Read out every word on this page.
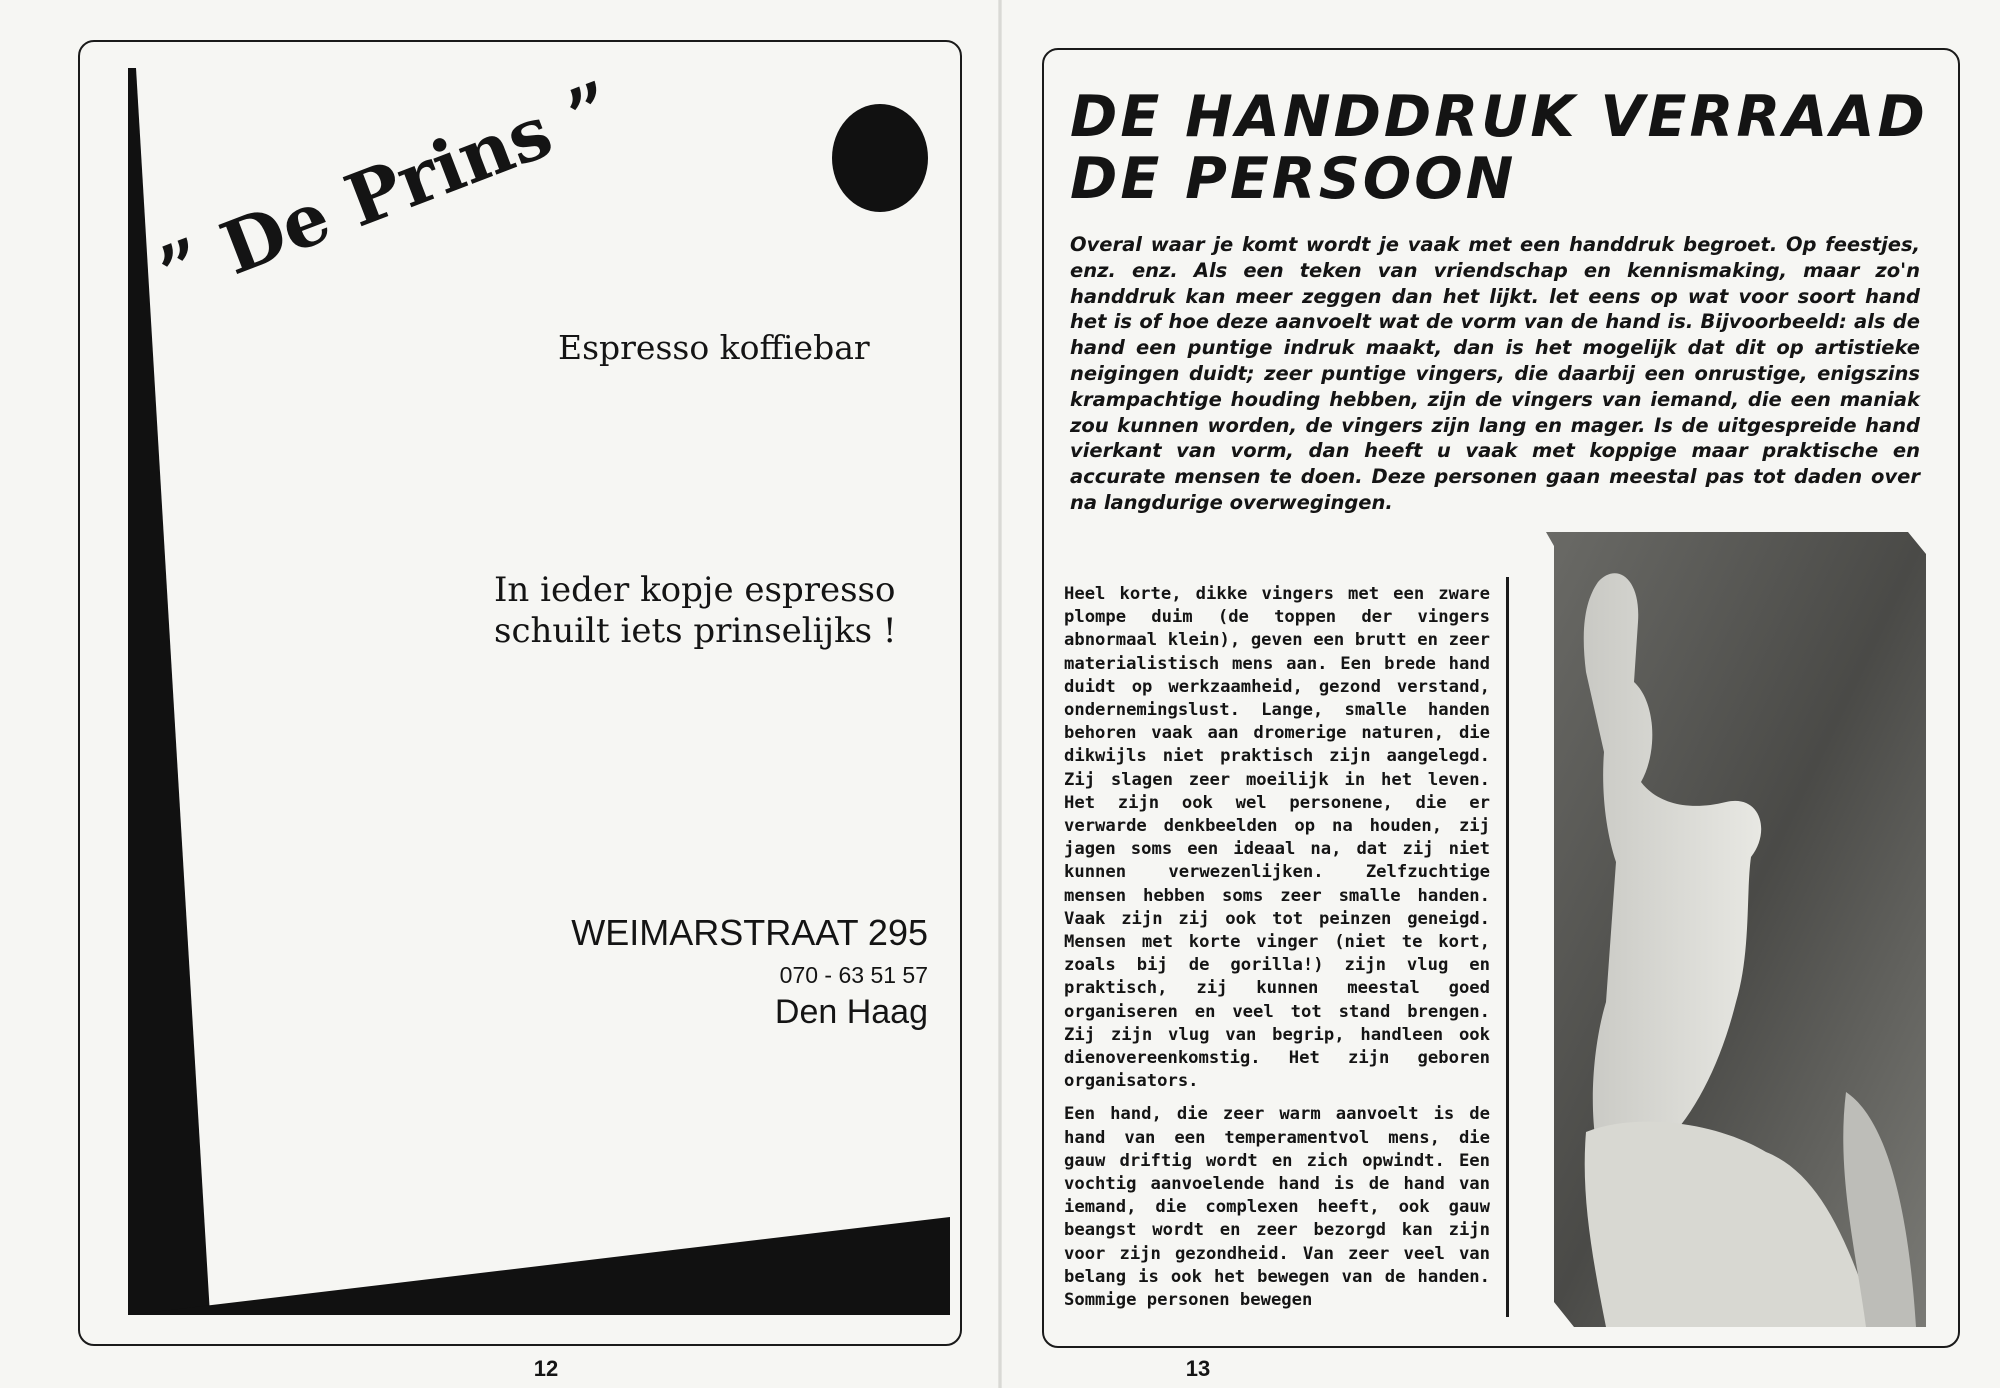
” De Prins ”
Espresso koffiebar
In ieder kopje espresso
schuilt iets prinselijks !
WEIMARSTRAAT 295
070 - 63 51 57
Den Haag
12
DE HANDDRUK VERRAAD
DE PERSOON

Overal waar je komt wordt je vaak met een handdruk begroet. Op feestjes, enz. enz. Als een teken van vriendschap en kennismaking, maar zo'n handdruk kan meer zeggen dan het lijkt. let eens op wat voor soort hand het is of hoe deze aanvoelt wat de vorm van de hand is. Bijvoorbeeld: als de hand een puntige indruk maakt, dan is het mogelijk dat dit op artistieke neigingen duidt; zeer puntige vingers, die daarbij een onrustige, enigszins krampachtige houding hebben, zijn de vingers van iemand, die een maniak zou kunnen worden, de vingers zijn lang en mager. Is de uitgespreide hand vierkant van vorm, dan heeft u vaak met koppige maar praktische en accurate mensen te doen. Deze personen gaan meestal pas tot daden over na langdurige overwegingen.

Heel korte, dikke vingers met een zware plompe duim (de toppen der vingers abnormaal klein), geven een brutt en zeer materialistisch mens aan. Een brede hand duidt op werkzaamheid, gezond verstand, ondernemingslust. Lange, smalle handen behoren vaak aan dromerige naturen, die dikwijls niet praktisch zijn aangelegd. Zij slagen zeer moeilijk in het leven. Het zijn ook wel personene, die er verwarde denkbeelden op na houden, zij jagen soms een ideaal na, dat zij niet kunnen verwezenlijken. Zelfzuchtige mensen hebben soms zeer smalle handen. Vaak zijn zij ook tot peinzen geneigd. Mensen met korte vinger (niet te kort, zoals bij de gorilla!) zijn vlug en praktisch, zij kunnen meestal goed organiseren en veel tot stand brengen. Zij zijn vlug van begrip, handleen ook dienovereenkomstig. Het zijn geboren organisators.

Een hand, die zeer warm aanvoelt is de hand van een temperamentvol mens, die gauw driftig wordt en zich opwindt. Een vochtig aanvoelende hand is de hand van iemand, die complexen heeft, ook gauw beangst wordt en zeer bezorgd kan zijn voor zijn gezondheid. Van zeer veel van belang is ook het bewegen van de handen. Sommige personen bewegen

13
